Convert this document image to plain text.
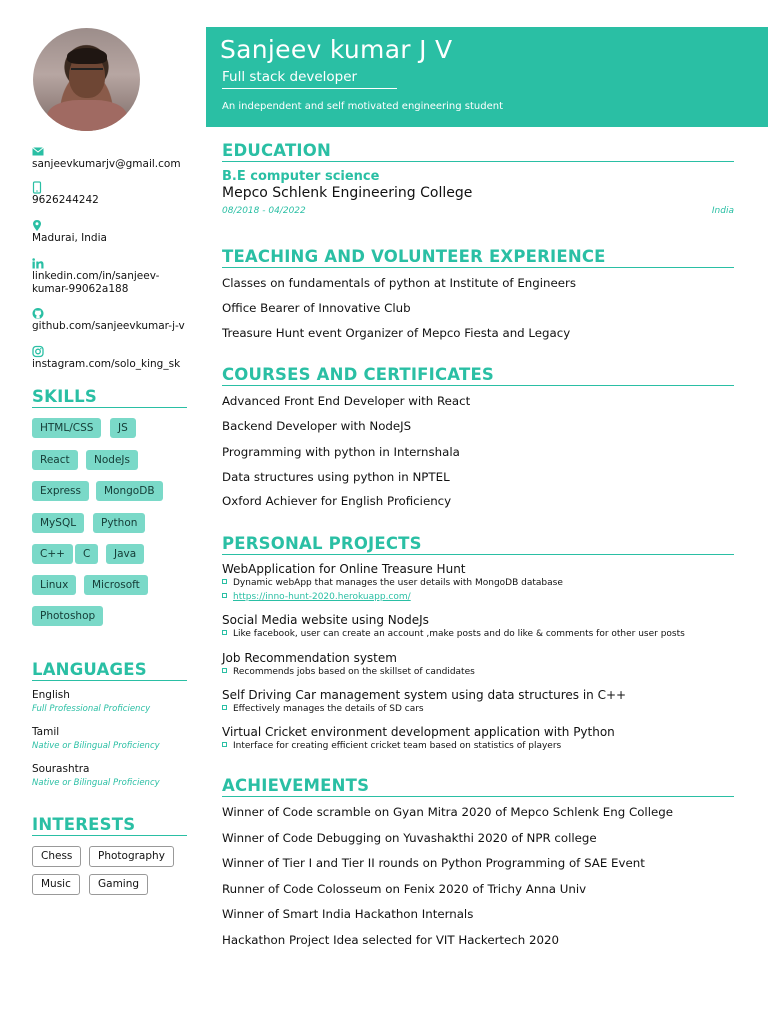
sanjeevkumarjv@gmail.com
9626244242
Madurai, India
linkedin.com/in/sanjeev-
kumar-99062a188
github.com/sanjeevkumar-j-v
instagram.com/solo_king_sk
SKILLS
HTML/CSS	JS
React	NodeJs
Express	MongoDB
MySQL	Python
C++	C	Java
Linux	Microsoft
Photoshop
LANGUAGES
English
Full Professional Proficiency
Tamil
Native or Bilingual Proficiency
Sourashtra
Native or Bilingual Proficiency
INTERESTS
Chess	Photography
Music	Gaming
Sanjeev kumar J V
Full stack developer
An independent and self motivated engineering student
EDUCATION
B.E computer science
Mepco Schlenk Engineering College
08/2018 - 04/2022	India
TEACHING AND VOLUNTEER EXPERIENCE
Classes on fundamentals of python at Institute of Engineers
Office Bearer of Innovative Club
Treasure Hunt event Organizer of Mepco Fiesta and Legacy
COURSES AND CERTIFICATES
Advanced Front End Developer with React
Backend Developer with NodeJS
Programming with python in Internshala
Data structures using python in NPTEL
Oxford Achiever for English Proficiency
PERSONAL PROJECTS
WebApplication for Online Treasure Hunt
Dynamic webApp that manages the user details with MongoDB database
https://inno-hunt-2020.herokuapp.com/
Social Media website using NodeJs
Like facebook, user can create an account ,make posts and do like & comments for other user posts
Job Recommendation system
Recommends jobs based on the skillset of candidates
Self Driving Car management system using data structures in C++
Effectively manages the details of SD cars
Virtual Cricket environment development application with Python
Interface for creating efficient cricket team based on statistics of players
ACHIEVEMENTS
Winner of Code scramble on Gyan Mitra 2020 of Mepco Schlenk Eng College
Winner of Code Debugging on Yuvashakthi 2020 of NPR college
Winner of Tier I and Tier II rounds on Python Programming of SAE Event
Runner of Code Colosseum on Fenix 2020 of Trichy Anna Univ
Winner of Smart India Hackathon Internals
Hackathon Project Idea selected for VIT Hackertech 2020
